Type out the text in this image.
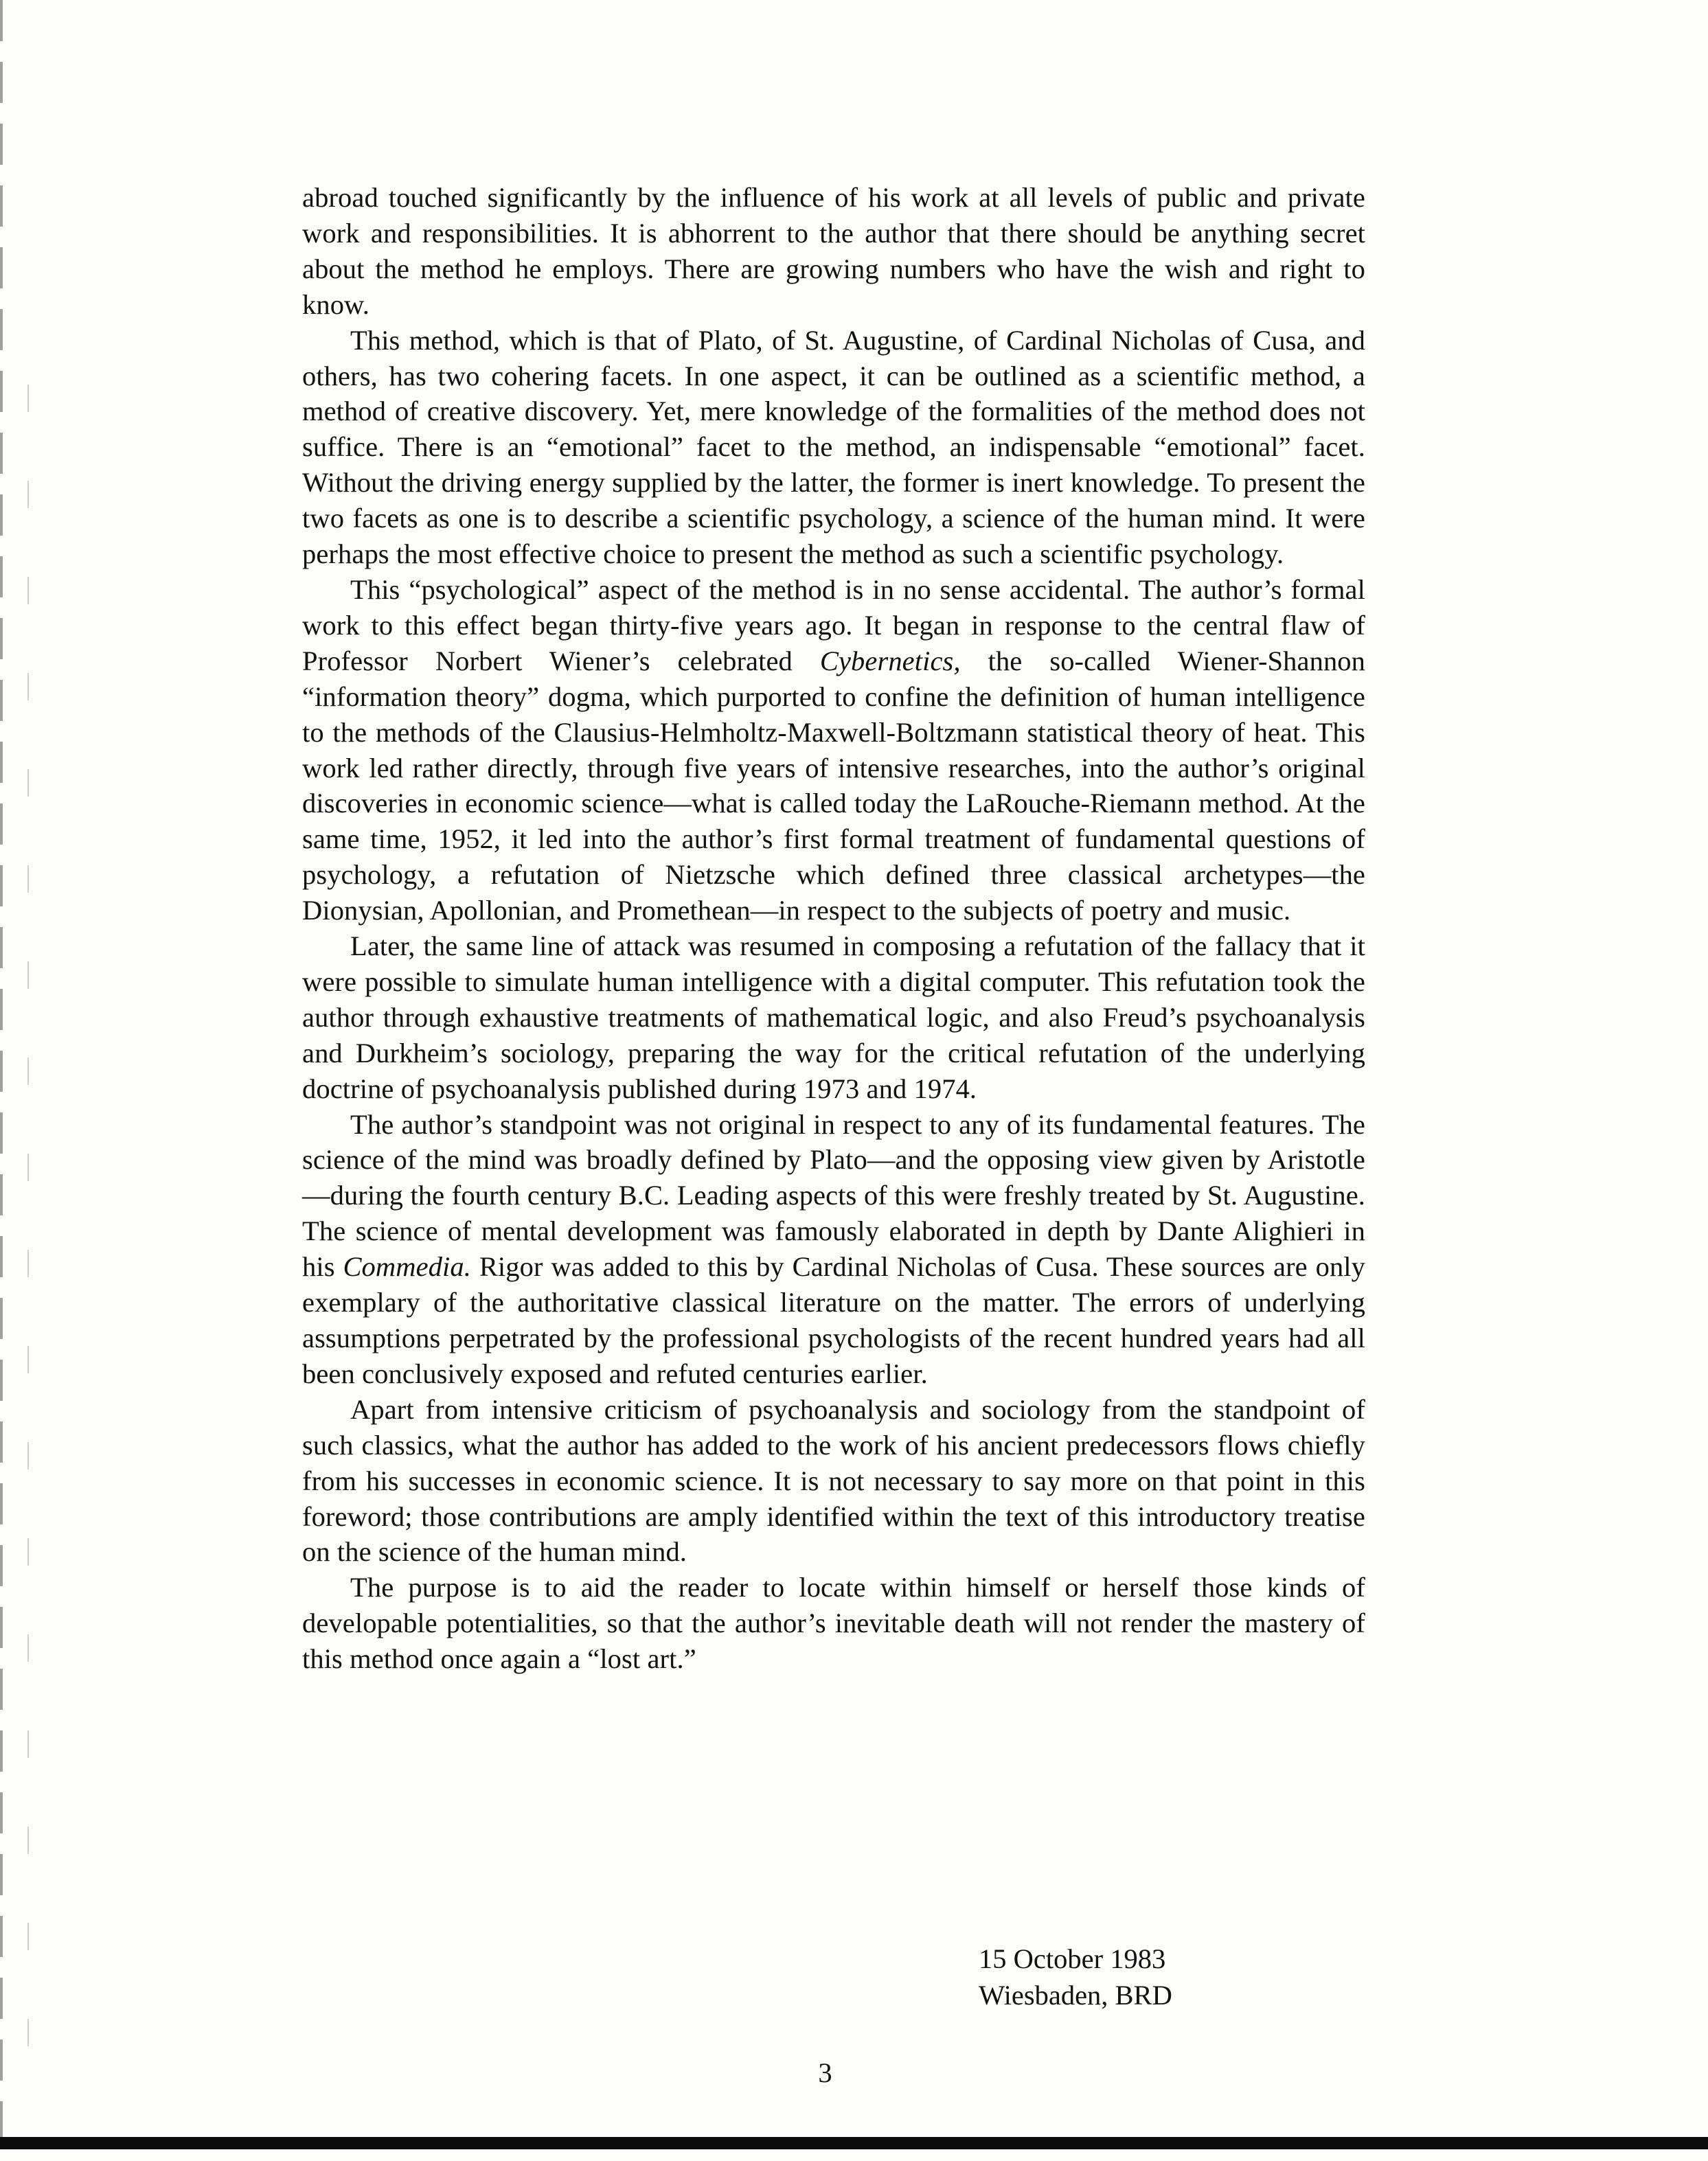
abroad touched significantly by the influence of his work at all levels of public and private work and responsibilities. It is abhorrent to the author that there should be anything secret about the method he employs. There are growing numbers who have the wish and right to know.

This method, which is that of Plato, of St. Augustine, of Cardinal Nicholas of Cusa, and others, has two cohering facets. In one aspect, it can be outlined as a scientific method, a method of creative discovery. Yet, mere knowledge of the formalities of the method does not suffice. There is an “emotional” facet to the method, an indispensable “emotional” facet. Without the driving energy supplied by the latter, the former is inert knowledge. To present the two facets as one is to describe a scientific psychology, a science of the human mind. It were perhaps the most effective choice to present the method as such a scientific psychology.

This “psychological” aspect of the method is in no sense accidental. The author’s formal work to this effect began thirty-five years ago. It began in response to the central flaw of Professor Norbert Wiener’s celebrated Cybernetics, the so-called Wiener-Shannon “information theory” dogma, which purported to confine the definition of human intelligence to the methods of the Clausius-Helmholtz-Maxwell-Boltzmann statistical theory of heat. This work led rather directly, through five years of intensive researches, into the author’s original discoveries in economic science—what is called today the LaRouche-Riemann method. At the same time, 1952, it led into the author’s first formal treatment of fundamental questions of psychology, a refutation of Nietzsche which defined three classical archetypes—the Dionysian, Apollonian, and Promethean—in respect to the subjects of poetry and music.

Later, the same line of attack was resumed in composing a refutation of the fallacy that it were possible to simulate human intelligence with a digital computer. This refutation took the author through exhaustive treatments of mathematical logic, and also Freud’s psychoanalysis and Durkheim’s sociology, preparing the way for the critical refutation of the underlying doctrine of psychoanalysis published during 1973 and 1974.

The author’s standpoint was not original in respect to any of its fundamental features. The science of the mind was broadly defined by Plato—and the opposing view given by Aristotle—during the fourth century B.C. Leading aspects of this were freshly treated by St. Augustine. The science of mental development was famously elaborated in depth by Dante Alighieri in his Commedia. Rigor was added to this by Cardinal Nicholas of Cusa. These sources are only exemplary of the authoritative classical literature on the matter. The errors of underlying assumptions perpetrated by the professional psychologists of the recent hundred years had all been conclusively exposed and refuted centuries earlier.

Apart from intensive criticism of psychoanalysis and sociology from the standpoint of such classics, what the author has added to the work of his ancient predecessors flows chiefly from his successes in economic science. It is not necessary to say more on that point in this foreword; those contributions are amply identified within the text of this introductory treatise on the science of the human mind.

The purpose is to aid the reader to locate within himself or herself those kinds of developable potentialities, so that the author’s inevitable death will not render the mastery of this method once again a “lost art.”

15 October 1983
Wiesbaden, BRD
3
